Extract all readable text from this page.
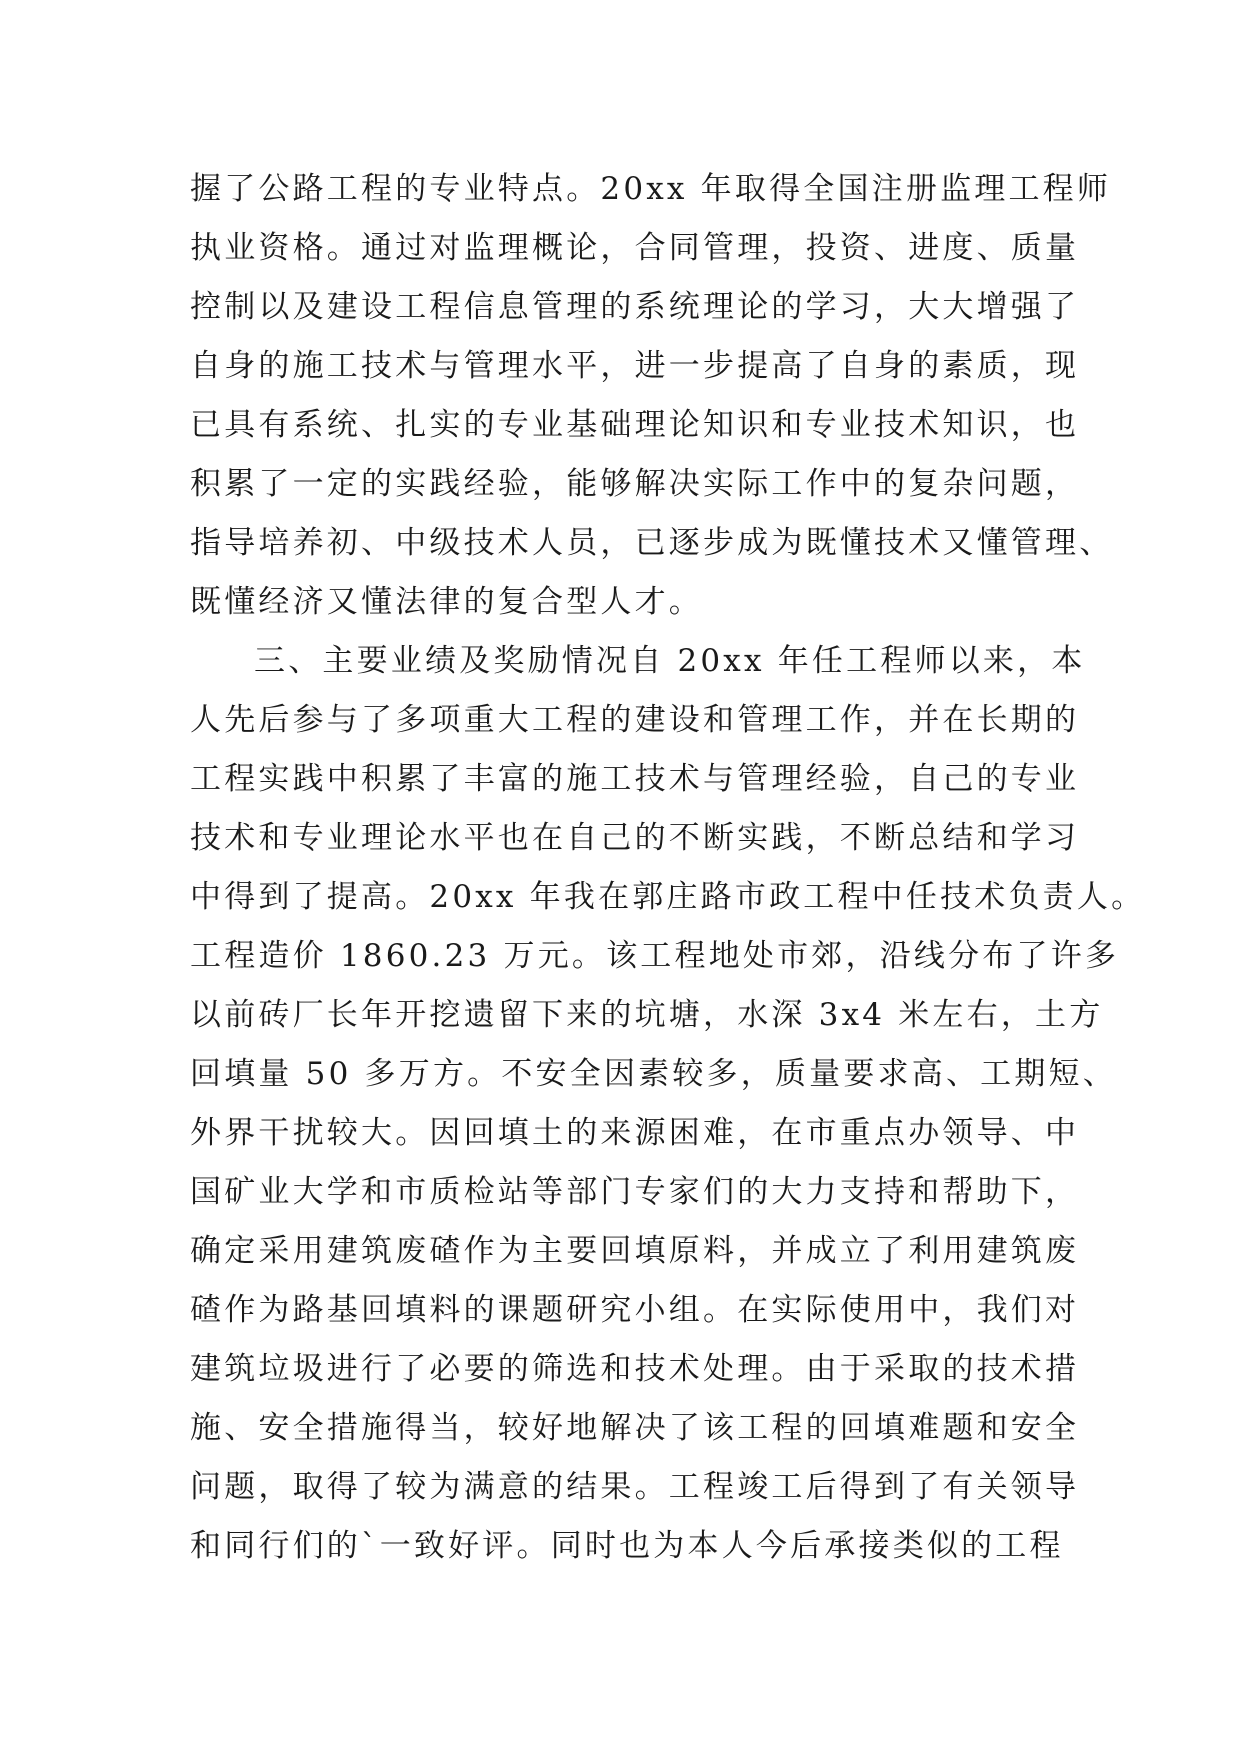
握了公路工程的专业特点。20xx 年取得全国注册监理工程师
执业资格。通过对监理概论，合同管理，投资、进度、质量
控制以及建设工程信息管理的系统理论的学习，大大增强了
自身的施工技术与管理水平，进一步提高了自身的素质，现
已具有系统、扎实的专业基础理论知识和专业技术知识，也
积累了一定的实践经验，能够解决实际工作中的复杂问题，
指导培养初、中级技术人员，已逐步成为既懂技术又懂管理、
既懂经济又懂法律的复合型人才。
三、主要业绩及奖励情况自 20xx 年任工程师以来，本
人先后参与了多项重大工程的建设和管理工作，并在长期的
工程实践中积累了丰富的施工技术与管理经验，自己的专业
技术和专业理论水平也在自己的不断实践，不断总结和学习
中得到了提高。20xx 年我在郭庄路市政工程中任技术负责人。
工程造价 1860.23 万元。该工程地处市郊，沿线分布了许多
以前砖厂长年开挖遗留下来的坑塘，水深 3x4 米左右，土方
回填量 50 多万方。不安全因素较多，质量要求高、工期短、
外界干扰较大。因回填土的来源困难，在市重点办领导、中
国矿业大学和市质检站等部门专家们的大力支持和帮助下，
确定采用建筑废碴作为主要回填原料，并成立了利用建筑废
碴作为路基回填料的课题研究小组。在实际使用中，我们对
建筑垃圾进行了必要的筛选和技术处理。由于采取的技术措
施、安全措施得当，较好地解决了该工程的回填难题和安全
问题，取得了较为满意的结果。工程竣工后得到了有关领导
和同行们的`一致好评。同时也为本人今后承接类似的工程
